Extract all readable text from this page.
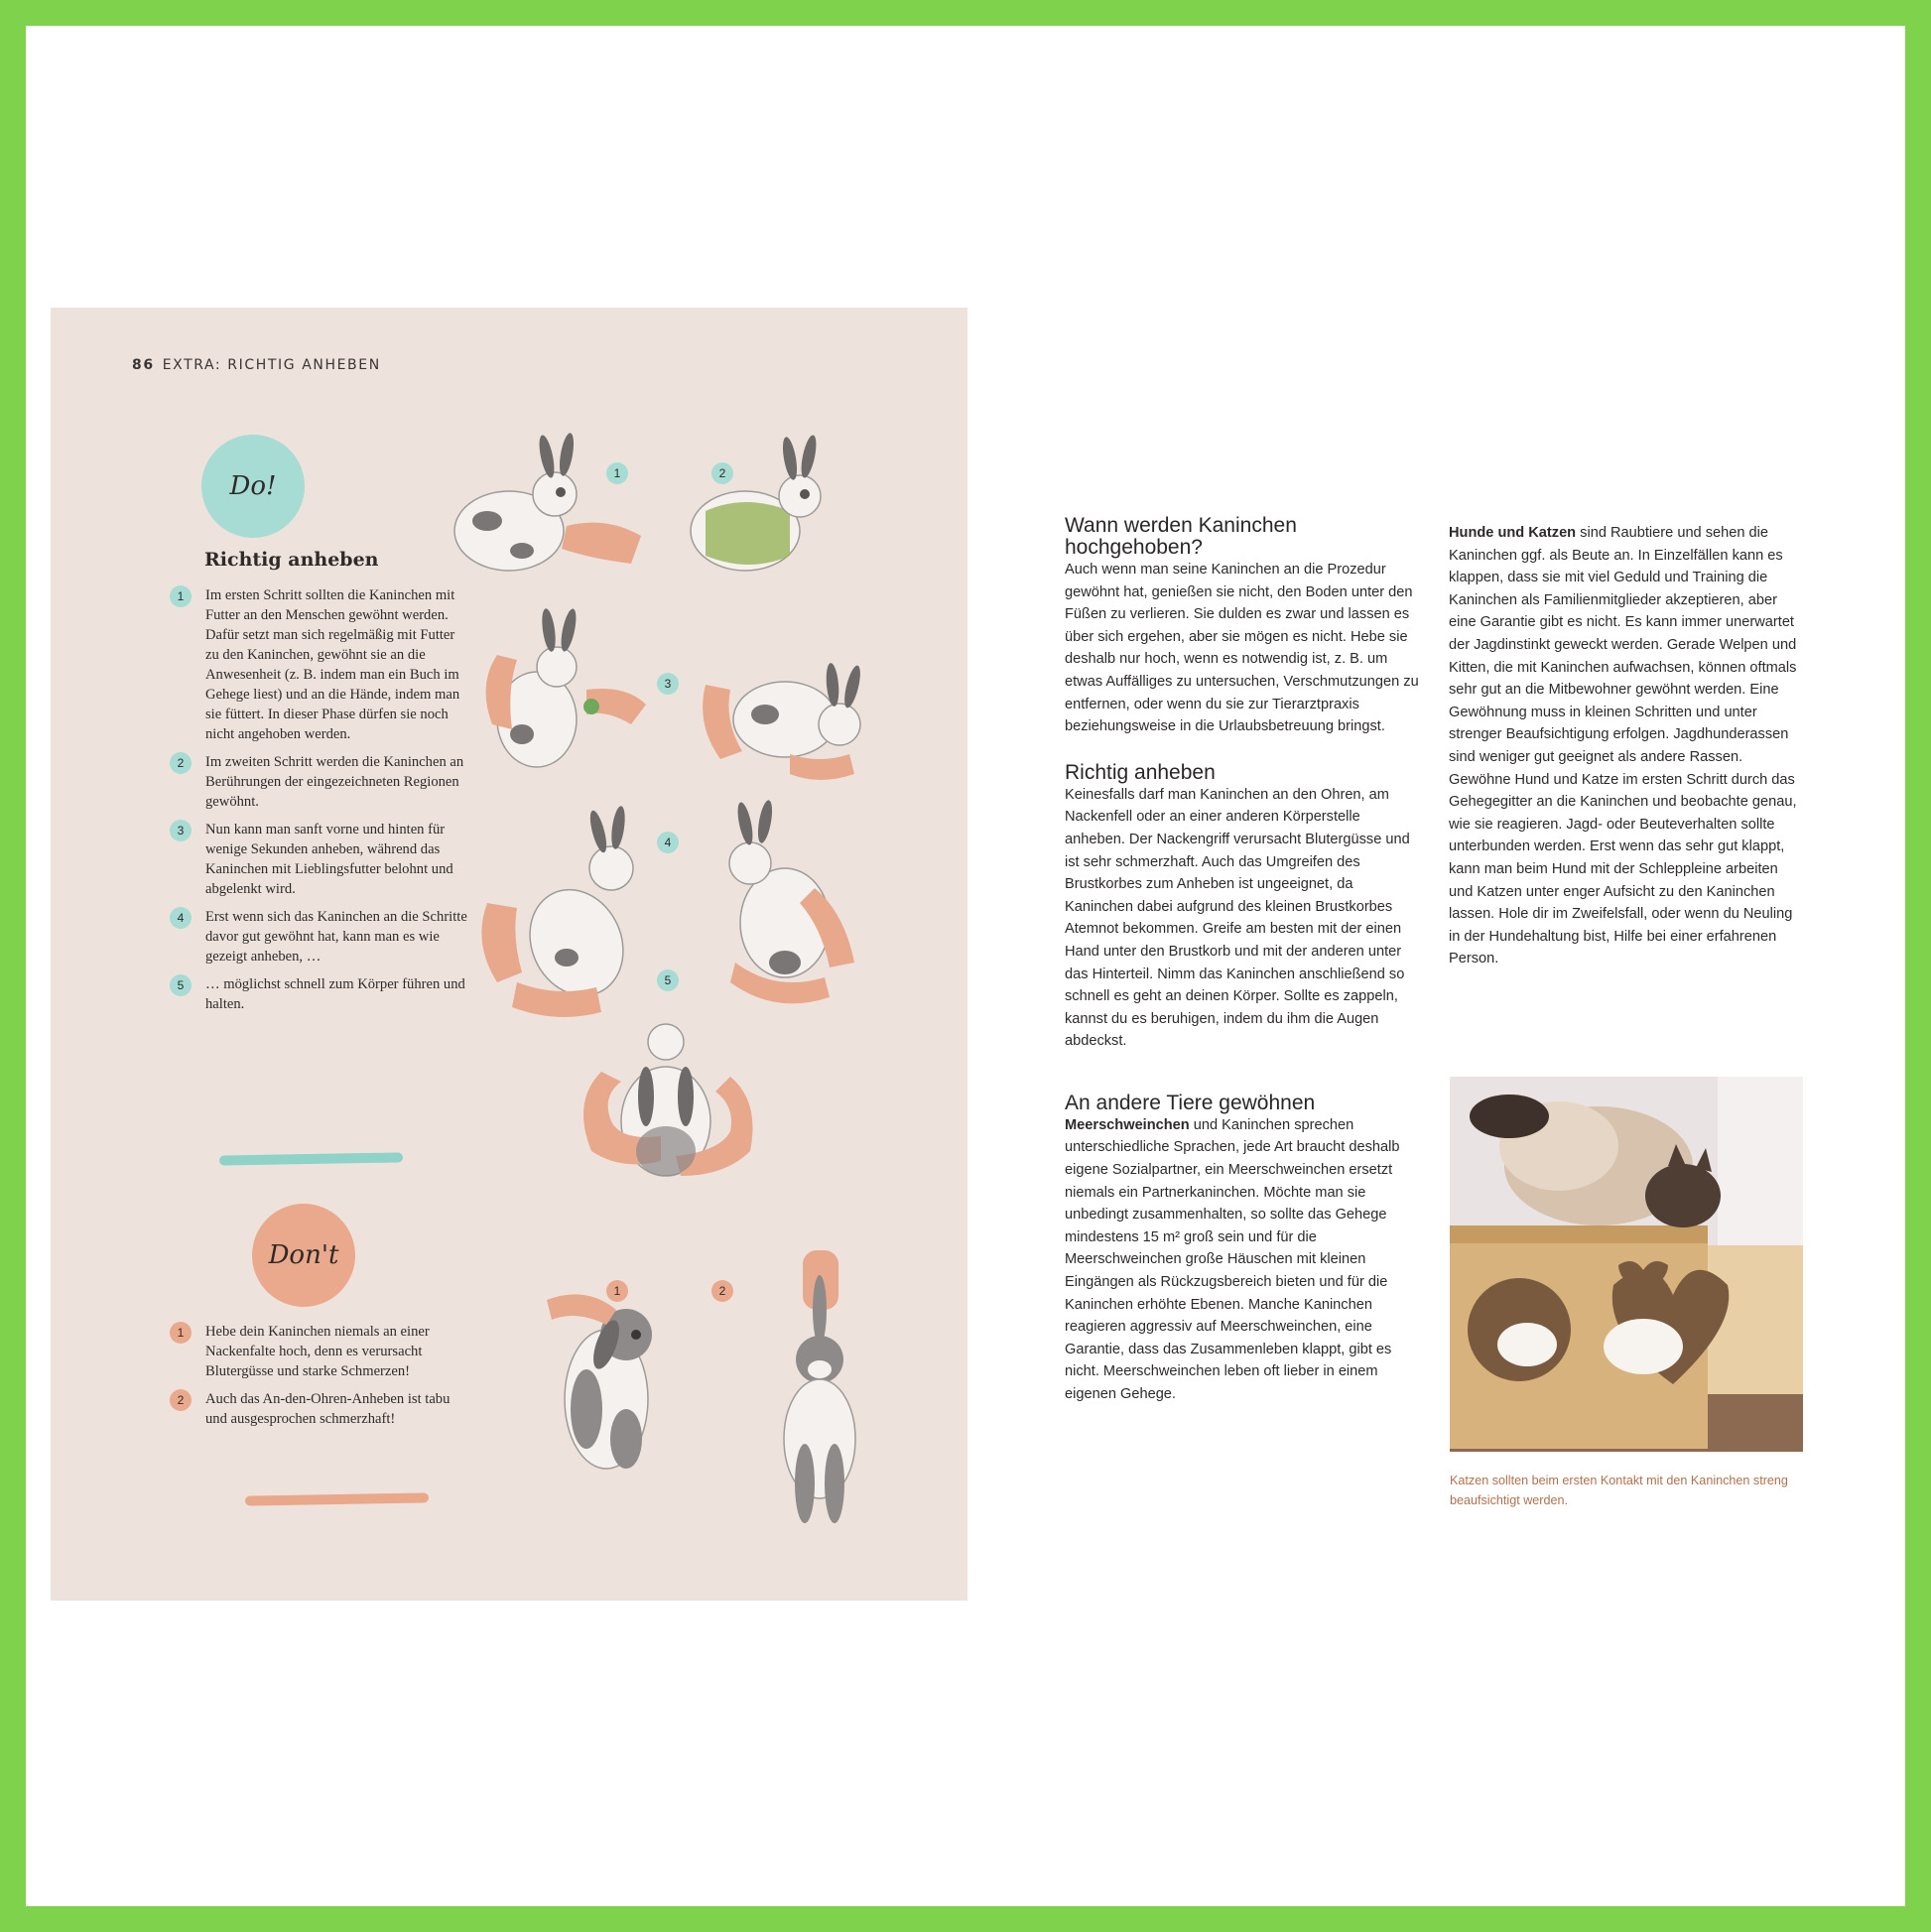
86 EXTRA: RICHTIG ANHEBEN
Do!
Richtig anheben
1	Im ersten Schritt sollten die Kaninchen mit Futter an den Menschen gewöhnt werden. Dafür setzt man sich regelmäßig mit Futter zu den Kaninchen, gewöhnt sie an die Anwesenheit (z. B. indem man ein Buch im Gehege liest) und an die Hände, indem man sie füttert. In dieser Phase dürfen sie noch nicht angehoben werden.
2	Im zweiten Schritt werden die Kaninchen an Berührungen der eingezeichneten Regionen gewöhnt.
3	Nun kann man sanft vorne und hinten für wenige Sekunden anheben, während das Kaninchen mit Lieblingsfutter belohnt und abgelenkt wird.
4	Erst wenn sich das Kaninchen an die Schritte davor gut gewöhnt hat, kann man es wie gezeigt anheben, …
5	… möglichst schnell zum Körper führen und halten.
Don't
1	Hebe dein Kaninchen niemals an einer Nackenfalte hoch, denn es verursacht Blutergüsse und starke Schmerzen!
2	Auch das An-den-Ohren-Anheben ist tabu und ausgesprochen schmerzhaft!
1	2
3
4
5
1	2
Wann werden Kaninchen hochgehoben?

Auch wenn man seine Kaninchen an die Prozedur gewöhnt hat, genießen sie nicht, den Boden unter den Füßen zu verlieren. Sie dulden es zwar und lassen es über sich ergehen, aber sie mögen es nicht. Hebe sie deshalb nur hoch, wenn es notwendig ist, z. B. um etwas Auffälliges zu untersuchen, Verschmutzungen zu entfernen, oder wenn du sie zur Tierarztpraxis beziehungsweise in die Urlaubsbetreuung bringst.

Richtig anheben

Keinesfalls darf man Kaninchen an den Ohren, am Nackenfell oder an einer anderen Körperstelle anheben. Der Nackengriff verursacht Blutergüsse und ist sehr schmerzhaft. Auch das Umgreifen des Brustkorbes zum Anheben ist ungeeignet, da Kaninchen dabei aufgrund des kleinen Brustkorbes Atemnot bekommen. Greife am besten mit der einen Hand unter den Brustkorb und mit der anderen unter das Hinterteil. Nimm das Kaninchen anschließend so schnell es geht an deinen Körper. Sollte es zappeln, kannst du es beruhigen, indem du ihm die Augen abdeckst.

An andere Tiere gewöhnen

Meerschweinchen und Kaninchen sprechen unterschiedliche Sprachen, jede Art braucht deshalb eigene Sozialpartner, ein Meerschweinchen ersetzt niemals ein Partnerkaninchen. Möchte man sie unbedingt zusammenhalten, so sollte das Gehege mindestens 15 m² groß sein und für die Meerschweinchen große Häuschen mit kleinen Eingängen als Rückzugsbereich bieten und für die Kaninchen erhöhte Ebenen. Manche Kaninchen reagieren aggressiv auf Meerschweinchen, eine Garantie, dass das Zusammenleben klappt, gibt es nicht. Meerschweinchen leben oft lieber in einem eigenen Gehege.

Hunde und Katzen sind Raubtiere und sehen die Kaninchen ggf. als Beute an. In Einzelfällen kann es klappen, dass sie mit viel Geduld und Training die Kaninchen als Familienmitglieder akzeptieren, aber eine Garantie gibt es nicht. Es kann immer unerwartet der Jagdinstinkt geweckt werden. Gerade Welpen und Kitten, die mit Kaninchen aufwachsen, können oftmals sehr gut an die Mitbewohner gewöhnt werden. Eine Gewöhnung muss in kleinen Schritten und unter strenger Beaufsichtigung erfolgen. Jagdhunderassen sind weniger gut geeignet als andere Rassen.

Gewöhne Hund und Katze im ersten Schritt durch das Gehegegitter an die Kaninchen und beobachte genau, wie sie reagieren. Jagd- oder Beuteverhalten sollte unterbunden werden. Erst wenn das sehr gut klappt, kann man beim Hund mit der Schleppleine arbeiten und Katzen unter enger Aufsicht zu den Kaninchen lassen. Hole dir im Zweifelsfall, oder wenn du Neuling in der Hundehaltung bist, Hilfe bei einer erfahrenen Person.

Katzen sollten beim ersten Kontakt mit den Kaninchen streng beaufsichtigt werden.
